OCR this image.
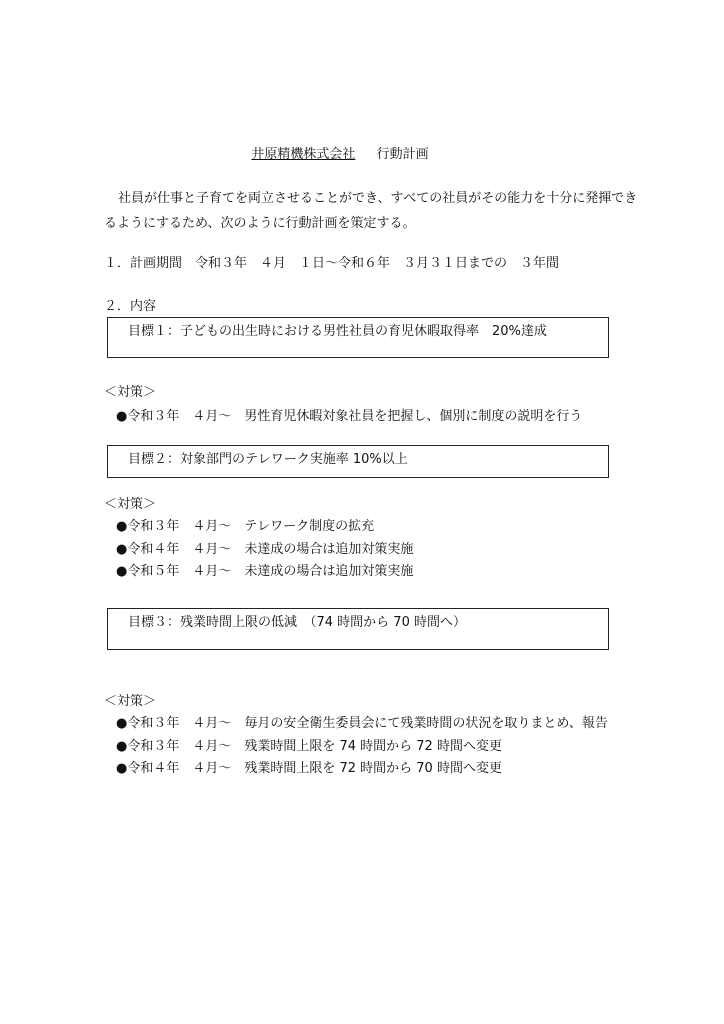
井原精機株式会社 　 行動計画
社員が仕事と子育てを両立させることができ、すべての社員がその能力を十分に発揮できるようにするため、次のように行動計画を策定する。
１．計画期間　令和３年　４月　１日～令和６年　３月３１日までの　３年間
２．内容
目標１：子どもの出生時における男性社員の育児休暇取得率　20%達成
＜対策＞
●令和３年　４月～　男性育児休暇対象社員を把握し、個別に制度の説明を行う
目標２：対象部門のテレワーク実施率 10%以上
＜対策＞
●令和３年　４月～　テレワーク制度の拡充
●令和４年　４月～　未達成の場合は追加対策実施
●令和５年　４月～　未達成の場合は追加対策実施
目標３：残業時間上限の低減　（74 時間から 70 時間へ）
＜対策＞
●令和３年　４月～　毎月の安全衛生委員会にて残業時間の状況を取りまとめ、報告
●令和３年　４月～　残業時間上限を 74 時間から 72 時間へ変更
●令和４年　４月～　残業時間上限を 72 時間から 70 時間へ変更
